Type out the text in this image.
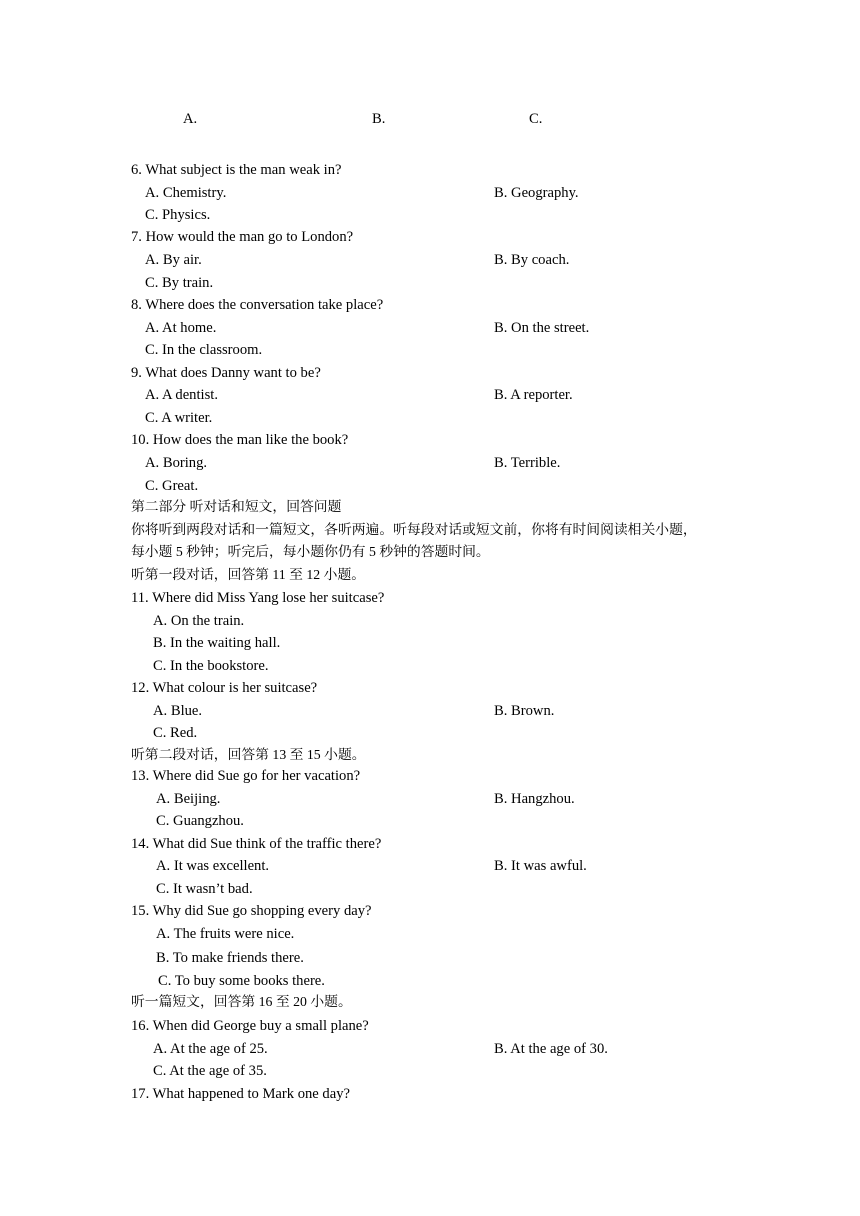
A.	B.	C.
6. What subject is the man weak in?
A. Chemistry.	B. Geography.
C. Physics.
7. How would the man go to London?
A. By air.	B. By coach.
C. By train.
8. Where does the conversation take place?
A. At home.	B. On the street.
C. In the classroom.
9. What does Danny want to be?
A. A dentist.	B. A reporter.
C. A writer.
10. How does the man like the book?
A. Boring.	B. Terrible.
C. Great.
第二部分 听对话和短文，回答问题
你将听到两段对话和一篇短文，各听两遍。听每段对话或短文前，你将有时间阅读相关小题，
每小题 5 秒钟；听完后，每小题你仍有 5 秒钟的答题时间。
听第一段对话，回答第 11 至 12 小题。
11. Where did Miss Yang lose her suitcase?
A. On the train.
B. In the waiting hall.
C. In the bookstore.
12. What colour is her suitcase?
A. Blue.	B. Brown.
C. Red.
听第二段对话，回答第 13 至 15 小题。
13. Where did Sue go for her vacation?
A. Beijing.	B. Hangzhou.
C. Guangzhou.
14. What did Sue think of the traffic there?
A. It was excellent.	B. It was awful.
C. It wasn’t bad.
15. Why did Sue go shopping every day?
A. The fruits were nice.
B. To make friends there.
C. To buy some books there.
听一篇短文，回答第 16 至 20 小题。
16. When did George buy a small plane?
A. At the age of 25.	B. At the age of 30.
C. At the age of 35.
17. What happened to Mark one day?
